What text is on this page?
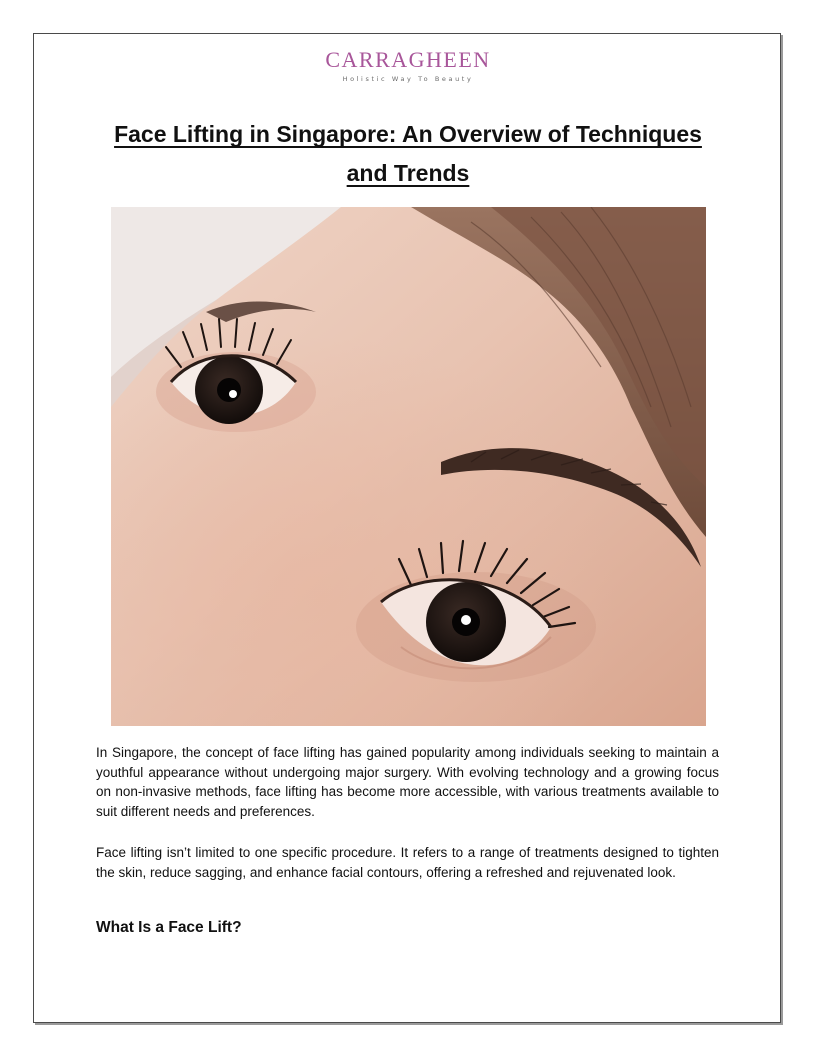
CARRAGHEEN
Holistic Way To Beauty
Face Lifting in Singapore: An Overview of Techniques and Trends

In Singapore, the concept of face lifting has gained popularity among individuals seeking to maintain a youthful appearance without undergoing major surgery. With evolving technology and a growing focus on non-invasive methods, face lifting has become more accessible, with various treatments available to suit different needs and preferences.

Face lifting isn’t limited to one specific procedure. It refers to a range of treatments designed to tighten the skin, reduce sagging, and enhance facial contours, offering a refreshed and rejuvenated look.

What Is a Face Lift?
